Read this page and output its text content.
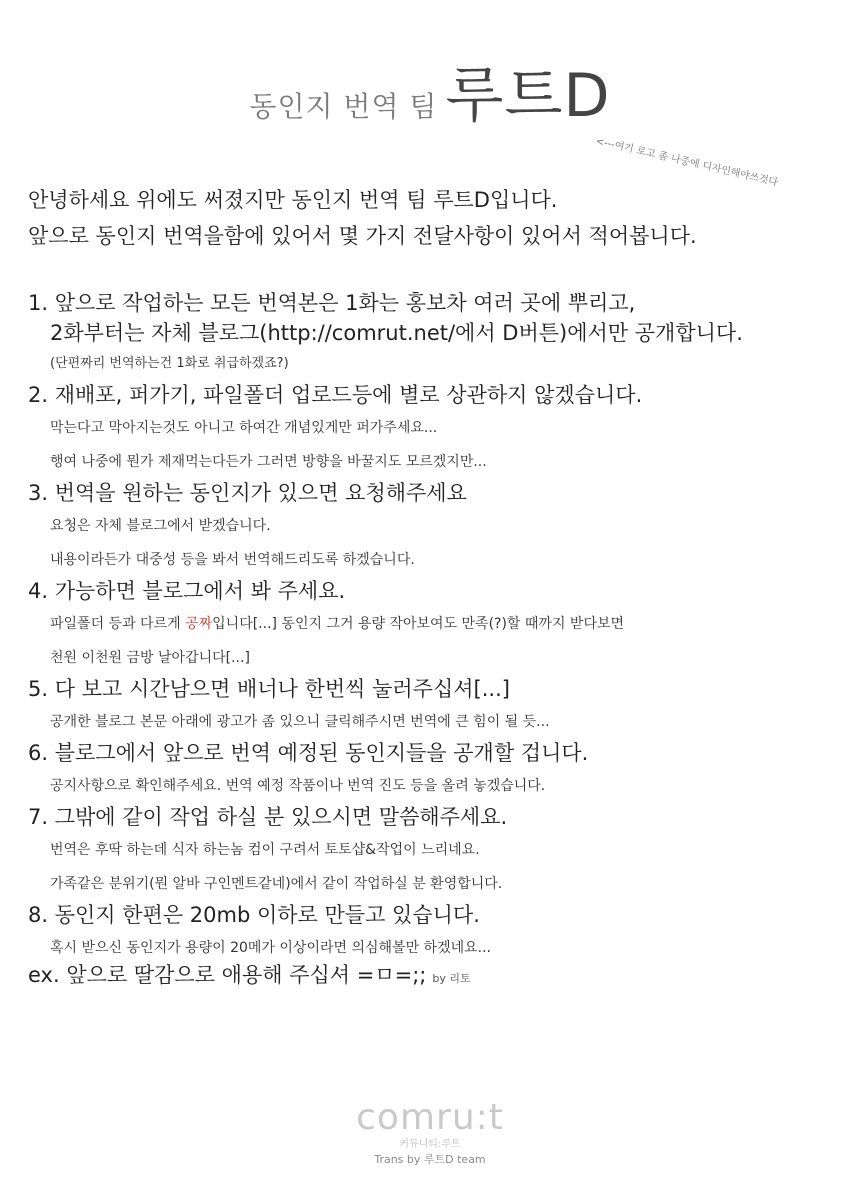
동인지 번역 팀 루트D
<---여기 로고 좀 나중에 디자인해야쓰것다
안녕하세요 위에도 써졌지만 동인지 번역 팀 루트D입니다.
앞으로 동인지 번역을함에 있어서 몇 가지 전달사항이 있어서 적어봅니다.
1. 앞으로 작업하는 모든 번역본은 1화는 홍보차 여러 곳에 뿌리고,
2화부터는 자체 블로그(http://comrut.net/에서 D버튼)에서만 공개합니다.
(단편짜리 번역하는건 1화로 취급하겠죠?)
2. 재배포, 퍼가기, 파일폴더 업로드등에 별로 상관하지 않겠습니다.
막는다고 막아지는것도 아니고 하여간 개념있게만 퍼가주세요...
행여 나중에 뭔가 제재먹는다든가 그러면 방향을 바꿀지도 모르겠지만...
3. 번역을 원하는 동인지가 있으면 요청해주세요
요청은 자체 블로그에서 받겠습니다.
내용이라든가 대중성 등을 봐서 번역해드리도록 하겠습니다.
4. 가능하면 블로그에서 봐 주세요.
파일폴더 등과 다르게 공짜입니다[...] 동인지 그거 용량 작아보여도 만족(?)할 때까지 받다보면
천원 이천원 금방 날아갑니다[...]
5. 다 보고 시간남으면 배너나 한번씩 눌러주십셔[...]
공개한 블로그 본문 아래에 광고가 좀 있으니 클릭해주시면 번역에 큰 힘이 될 듯...
6. 블로그에서 앞으로 번역 예정된 동인지들을 공개할 겁니다.
공지사항으로 확인해주세요. 번역 예정 작품이나 번역 진도 등을 올려 놓겠습니다.
7. 그밖에 같이 작업 하실 분 있으시면 말씀해주세요.
번역은 후딱 하는데 식자 하는놈 컴이 구려서 토토샵&작업이 느리네요.
가족같은 분위기(뭔 알바 구인멘트같네)에서 같이 작업하실 분 환영합니다.
8. 동인지 한편은 20mb 이하로 만들고 있습니다.
혹시 받으신 동인지가 용량이 20메가 이상이라면 의심해볼만 하겠네요...
ex. 앞으로 딸감으로 애용해 주십셔 =ㅁ=;; by 리토
comru:t
커뮤니티:루트
Trans by 루트D team
